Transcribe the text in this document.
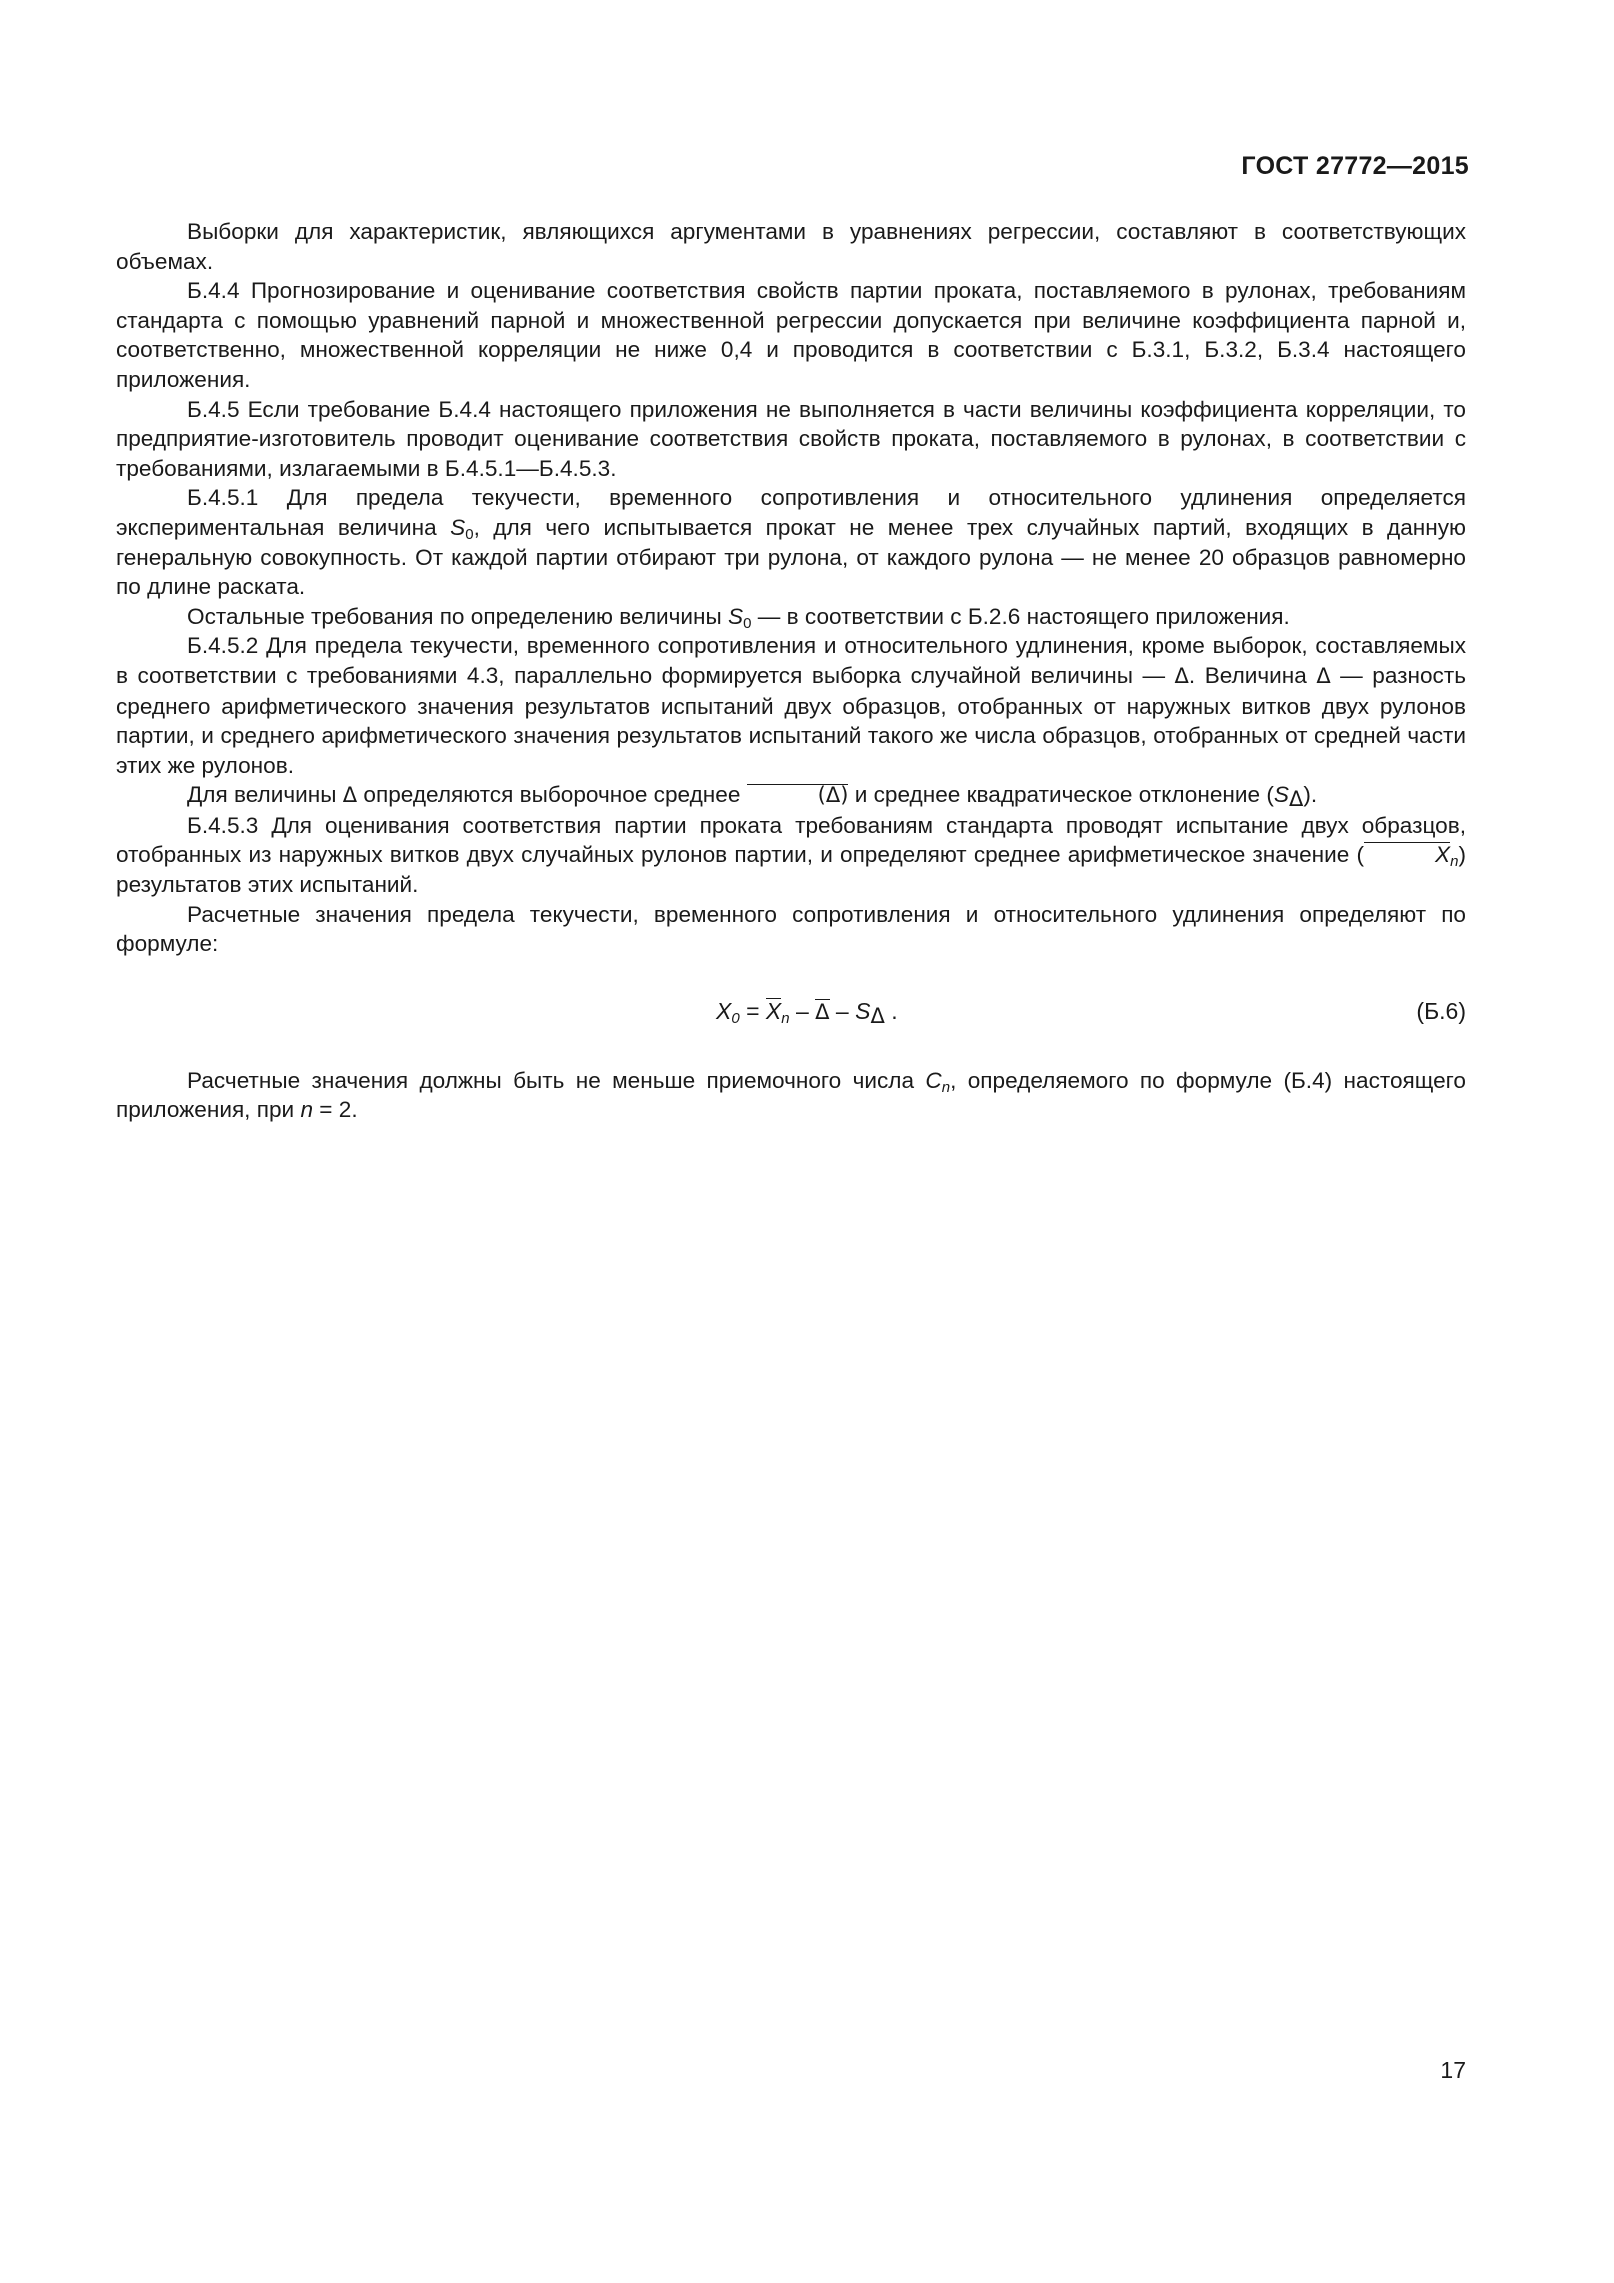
ГОСТ 27772—2015

Выборки для характеристик, являющихся аргументами в уравнениях регрессии, составляют в соответствующих объемах.

Б.4.4 Прогнозирование и оценивание соответствия свойств партии проката, поставляемого в рулонах, требованиям стандарта с помощью уравнений парной и множественной регрессии допускается при величине коэффициента парной и, соответственно, множественной корреляции не ниже 0,4 и проводится в соответствии с Б.3.1, Б.3.2, Б.3.4 настоящего приложения.

Б.4.5 Если требование Б.4.4 настоящего приложения не выполняется в части величины коэффициента корреляции, то предприятие-изготовитель проводит оценивание соответствия свойств проката, поставляемого в рулонах, в соответствии с требованиями, излагаемыми в Б.4.5.1—Б.4.5.3.

Б.4.5.1 Для предела текучести, временного сопротивления и относительного удлинения определяется экспериментальная величина $S_0$, для чего испытывается прокат не менее трех случайных партий, входящих в данную генеральную совокупность. От каждой партии отбирают три рулона, от каждого рулона — не менее 20 образцов равномерно по длине раската.

Остальные требования по определению величины $S_0$ — в соответствии с Б.2.6 настоящего приложения.

Б.4.5.2 Для предела текучести, временного сопротивления и относительного удлинения, кроме выборок, составляемых в соответствии с требованиями 4.3, параллельно формируется выборка случайной величины — Δ. Величина Δ — разность среднего арифметического значения результатов испытаний двух образцов, отобранных от наружных витков двух рулонов партии, и среднего арифметического значения результатов испытаний такого же числа образцов, отобранных от средней части этих же рулонов.

Для величины Δ определяются выборочное среднее	(Δ) и среднее квадратическое отклонение $(S_\Delta)$.

Б.4.5.3 Для оценивания соответствия партии проката требованиям стандарта проводят испытание двух образцов, отобранных из наружных витков двух случайных рулонов партии, и определяют среднее арифметическое значение (	$X_n$) результатов этих испытаний.

Расчетные значения предела текучести, временного сопротивления и относительного удлинения определяют по формуле:

$X_0 = X_n - \Delta - S_\Delta$ .	(Б.6)

Расчетные значения должны быть не меньше приемочного числа $C_n$, определяемого по формуле (Б.4) настоящего приложения, при n = 2.

17
